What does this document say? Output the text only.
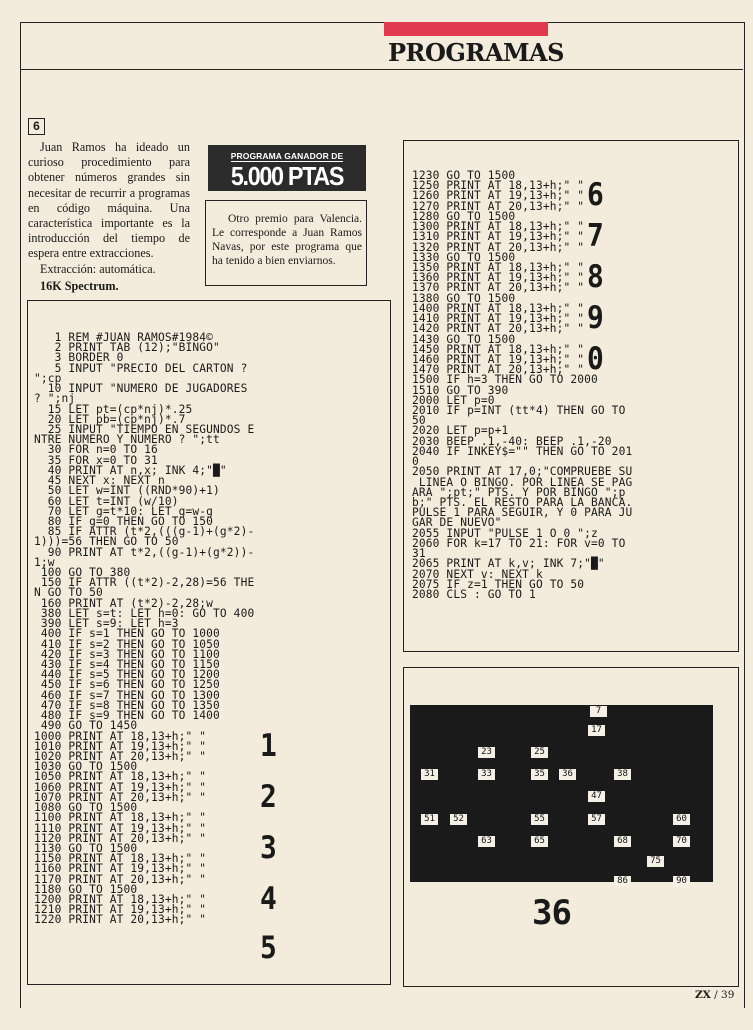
PROGRAMAS
6

Juan Ramos ha ideado un curioso procedimiento para obtener números grandes sin necesitar de recurrir a programas en código máquina. Una característica importante es la introducción del tiempo de espera entre extracciones.

Extracción: automática.

16K Spectrum.

PROGRAMA GANADOR DE
5.000 PTAS
Otro premio para Valencia. Le corresponde a Juan Ramos Navas, por este programa que ha tenido a bien enviarnos.
1 REM #JUAN RAMOS#1984©
2 PRINT TAB (12);"BINGO"
3 BORDER 0
5 INPUT "PRECIO DEL CARTON ?
";cp
10 INPUT "NUMERO DE JUGADORES
? ";nj
15 LET pt=(cp*nj)*.25
20 LET pb=(cp*nj)*.7
25 INPUT "TIEMPO EN SEGUNDOS E
NTRE NUMERO Y NUMERO ? ";tt
30 FOR n=0 TO 16
35 FOR x=0 TO 31
40 PRINT AT n,x; INK 4;"█"
45 NEXT x: NEXT n
50 LET w=INT ((RND*90)+1)
60 LET t=INT (w/10)
70 LET g=t*10: LET g=w-g
80 IF g=0 THEN GO TO 150
85 IF ATTR (t*2,(((g-1)+(g*2)-
1)))=56 THEN GO TO 50
90 PRINT AT t*2,((g-1)+(g*2))-
1;w
100 GO TO 380
150 IF ATTR ((t*2)-2,28)=56 THE
N GO TO 50
160 PRINT AT (t*2)-2,28;w
380 LET s=t: LET h=0: GO TO 400
390 LET s=9: LET h=3
400 IF s=1 THEN GO TO 1000
410 IF s=2 THEN GO TO 1050
420 IF s=3 THEN GO TO 1100
430 IF s=4 THEN GO TO 1150
440 IF s=5 THEN GO TO 1200
450 IF s=6 THEN GO TO 1250
460 IF s=7 THEN GO TO 1300
470 IF s=8 THEN GO TO 1350
480 IF s=9 THEN GO TO 1400
490 GO TO 1450
1000 PRINT AT 18,13+h;" "
1010 PRINT AT 19,13+h;" "
1020 PRINT AT 20,13+h;" "
1030 GO TO 1500
1050 PRINT AT 18,13+h;" "
1060 PRINT AT 19,13+h;" "
1070 PRINT AT 20,13+h;" "
1080 GO TO 1500
1100 PRINT AT 18,13+h;" "
1110 PRINT AT 19,13+h;" "
1120 PRINT AT 20,13+h;" "
1130 GO TO 1500
1150 PRINT AT 18,13+h;" "
1160 PRINT AT 19,13+h;" "
1170 PRINT AT 20,13+h;" "
1180 GO TO 1500
1200 PRINT AT 18,13+h;" "
1210 PRINT AT 19,13+h;" "
1220 PRINT AT 20,13+h;" "
1
2
3
4
5
1230 GO TO 1500
1250 PRINT AT 18,13+h;" "
1260 PRINT AT 19,13+h;" "
1270 PRINT AT 20,13+h;" "
1280 GO TO 1500
1300 PRINT AT 18,13+h;" "
1310 PRINT AT 19,13+h;" "
1320 PRINT AT 20,13+h;" "
1330 GO TO 1500
1350 PRINT AT 18,13+h;" "
1360 PRINT AT 19,13+h;" "
1370 PRINT AT 20,13+h;" "
1380 GO TO 1500
1400 PRINT AT 18,13+h;" "
1410 PRINT AT 19,13+h;" "
1420 PRINT AT 20,13+h;" "
1430 GO TO 1500
1450 PRINT AT 18,13+h;" "
1460 PRINT AT 19,13+h;" "
1470 PRINT AT 20,13+h;" "
1500 IF h=3 THEN GO TO 2000
1510 GO TO 390
2000 LET p=0
2010 IF p=INT (tt*4) THEN GO TO
50
2020 LET p=p+1
2030 BEEP .1,-40: BEEP .1,-20
2040 IF INKEY$="" THEN GO TO 201
0
2050 PRINT AT 17,0;"COMPRUEBE SU
LINEA O BINGO. POR LINEA SE PAG
ARA ";pt;" PTS. Y POR BINGO ";p
b;" PTS. EL RESTO PARA LA BANCA.
PULSE 1 PARA SEGUIR, Y 0 PARA JU
GAR DE NUEVO"
2055 INPUT "PULSE 1 O 0 ";z
2060 FOR k=17 TO 21: FOR v=0 TO
31
2065 PRINT AT k,v; INK 7;"█"
2070 NEXT v: NEXT k
2075 IF z=1 THEN GO TO 50
2080 CLS : GO TO 1
6
7
8
9
0
7
17
23	25
31	33	35	36	38
47
51	52	55	57	60
63	65	68	70
75
86	90
36
ZX / 39
